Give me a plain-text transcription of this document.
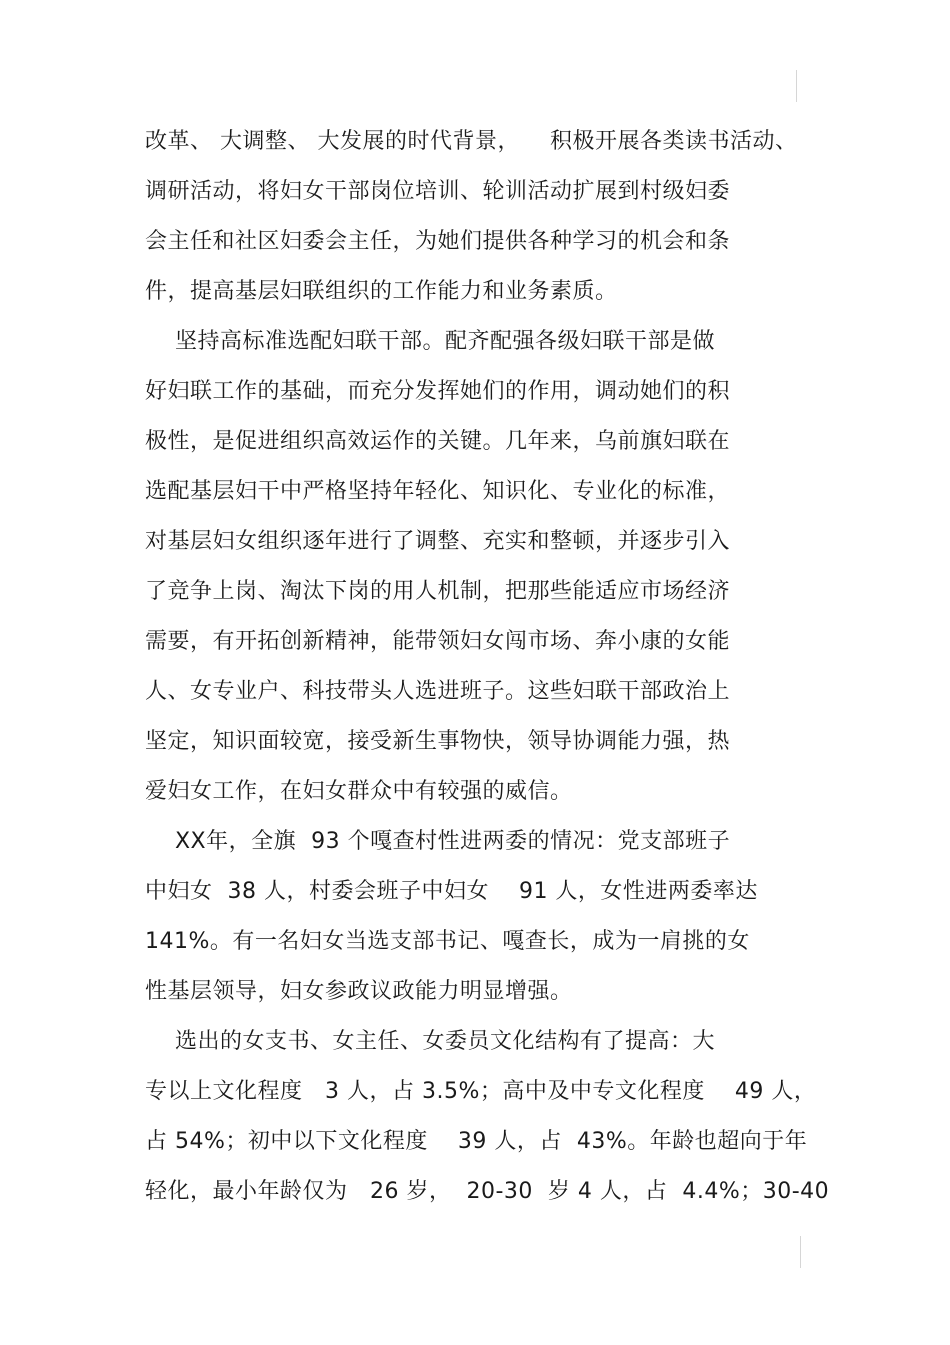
改革、 大调整、 大发展的时代背景，    积极开展各类读书活动、
调研活动，将妇女干部岗位培训、轮训活动扩展到村级妇委
会主任和社区妇委会主任，为她们提供各种学习的机会和条
件，提高基层妇联组织的工作能力和业务素质。
坚持高标准选配妇联干部。配齐配强各级妇联干部是做
好妇联工作的基础，而充分发挥她们的作用，调动她们的积
极性，是促进组织高效运作的关键。几年来，乌前旗妇联在
选配基层妇干中严格坚持年轻化、知识化、专业化的标准，
对基层妇女组织逐年进行了调整、充实和整顿，并逐步引入
了竞争上岗、淘汰下岗的用人机制，把那些能适应市场经济
需要，有开拓创新精神，能带领妇女闯市场、奔小康的女能
人、女专业户、科技带头人选进班子。这些妇联干部政治上
坚定，知识面较宽，接受新生事物快，领导协调能力强，热
爱妇女工作，在妇女群众中有较强的威信。
XX年，全旗  93 个嘎查村性进两委的情况：党支部班子
中妇女  38 人，村委会班子中妇女    91 人，女性进两委率达
141%。有一名妇女当选支部书记、嘎查长，成为一肩挑的女
性基层领导，妇女参政议政能力明显增强。
选出的女支书、女主任、女委员文化结构有了提高：大
专以上文化程度   3 人，占 3.5%；高中及中专文化程度    49 人，
占 54%；初中以下文化程度    39 人，占  43%。年龄也超向于年
轻化，最小年龄仅为   26 岁，  20-30  岁 4 人，占  4.4%；30-40
